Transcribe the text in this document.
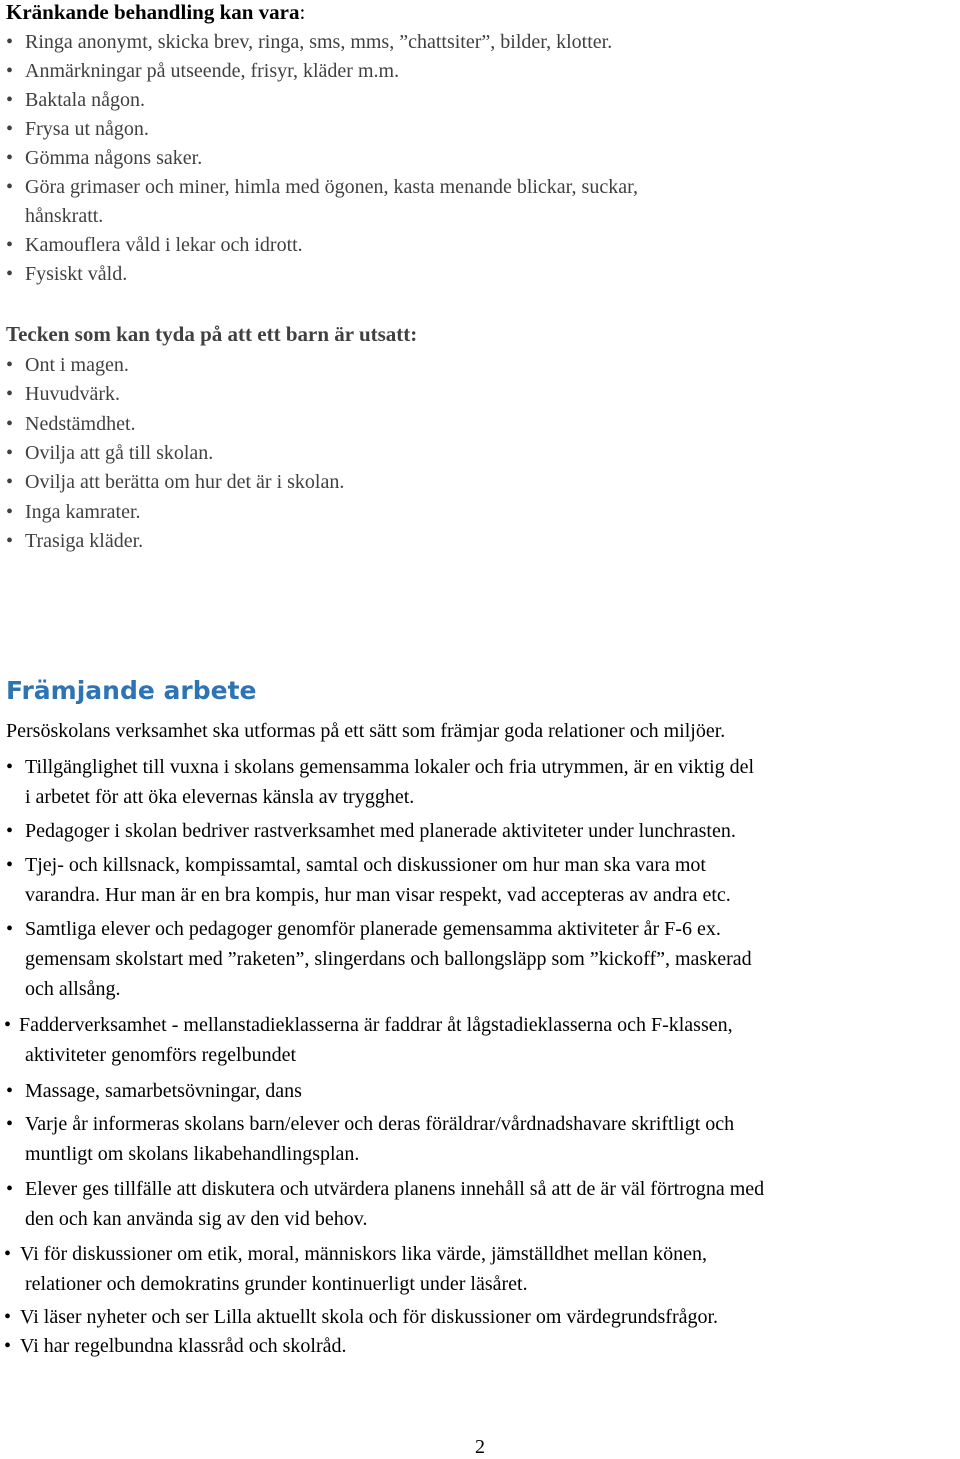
Kränkande behandling kan vara:
• Ringa anonymt, skicka brev, ringa, sms, mms, ”chattsiter”, bilder, klotter.
• Anmärkningar på utseende, frisyr, kläder m.m.
• Baktala någon.
• Frysa ut någon.
• Gömma någons saker.
• Göra grimaser och miner, himla med ögonen, kasta menande blickar, suckar,
hånskratt.
• Kamouflera våld i lekar och idrott.
• Fysiskt våld.
Tecken som kan tyda på att ett barn är utsatt:
• Ont i magen.
• Huvudvärk.
• Nedstämdhet.
• Ovilja att gå till skolan.
• Ovilja att berätta om hur det är i skolan.
• Inga kamrater.
• Trasiga kläder.
Främjande arbete
Persöskolans verksamhet ska utformas på ett sätt som främjar goda relationer och miljöer.
• Tillgänglighet till vuxna i skolans gemensamma lokaler och fria utrymmen, är en viktig del
i arbetet för att öka elevernas känsla av trygghet.
• Pedagoger i skolan bedriver rastverksamhet med planerade aktiviteter under lunchrasten.
• Tjej- och killsnack, kompissamtal, samtal och diskussioner om hur man ska vara mot
varandra. Hur man är en bra kompis, hur man visar respekt, vad accepteras av andra etc.
• Samtliga elever och pedagoger genomför planerade gemensamma aktiviteter år F-6 ex.
gemensam skolstart med ”raketen”, slingerdans och ballongsläpp som ”kickoff”, maskerad
och allsång.
• Fadderverksamhet - mellanstadieklasserna är faddrar åt lågstadieklasserna och F-klassen,
aktiviteter genomförs regelbundet
• Massage, samarbetsövningar, dans
• Varje år informeras skolans barn/elever och deras föräldrar/vårdnadshavare skriftligt och
muntligt om skolans likabehandlingsplan.
• Elever ges tillfälle att diskutera och utvärdera planens innehåll så att de är väl förtrogna med
den och kan använda sig av den vid behov.
• Vi för diskussioner om etik, moral, människors lika värde, jämställdhet mellan könen,
relationer och demokratins grunder kontinuerligt under läsåret.
• Vi läser nyheter och ser Lilla aktuellt skola och för diskussioner om värdegrundsfrågor.
• Vi har regelbundna klassråd och skolråd.
2
